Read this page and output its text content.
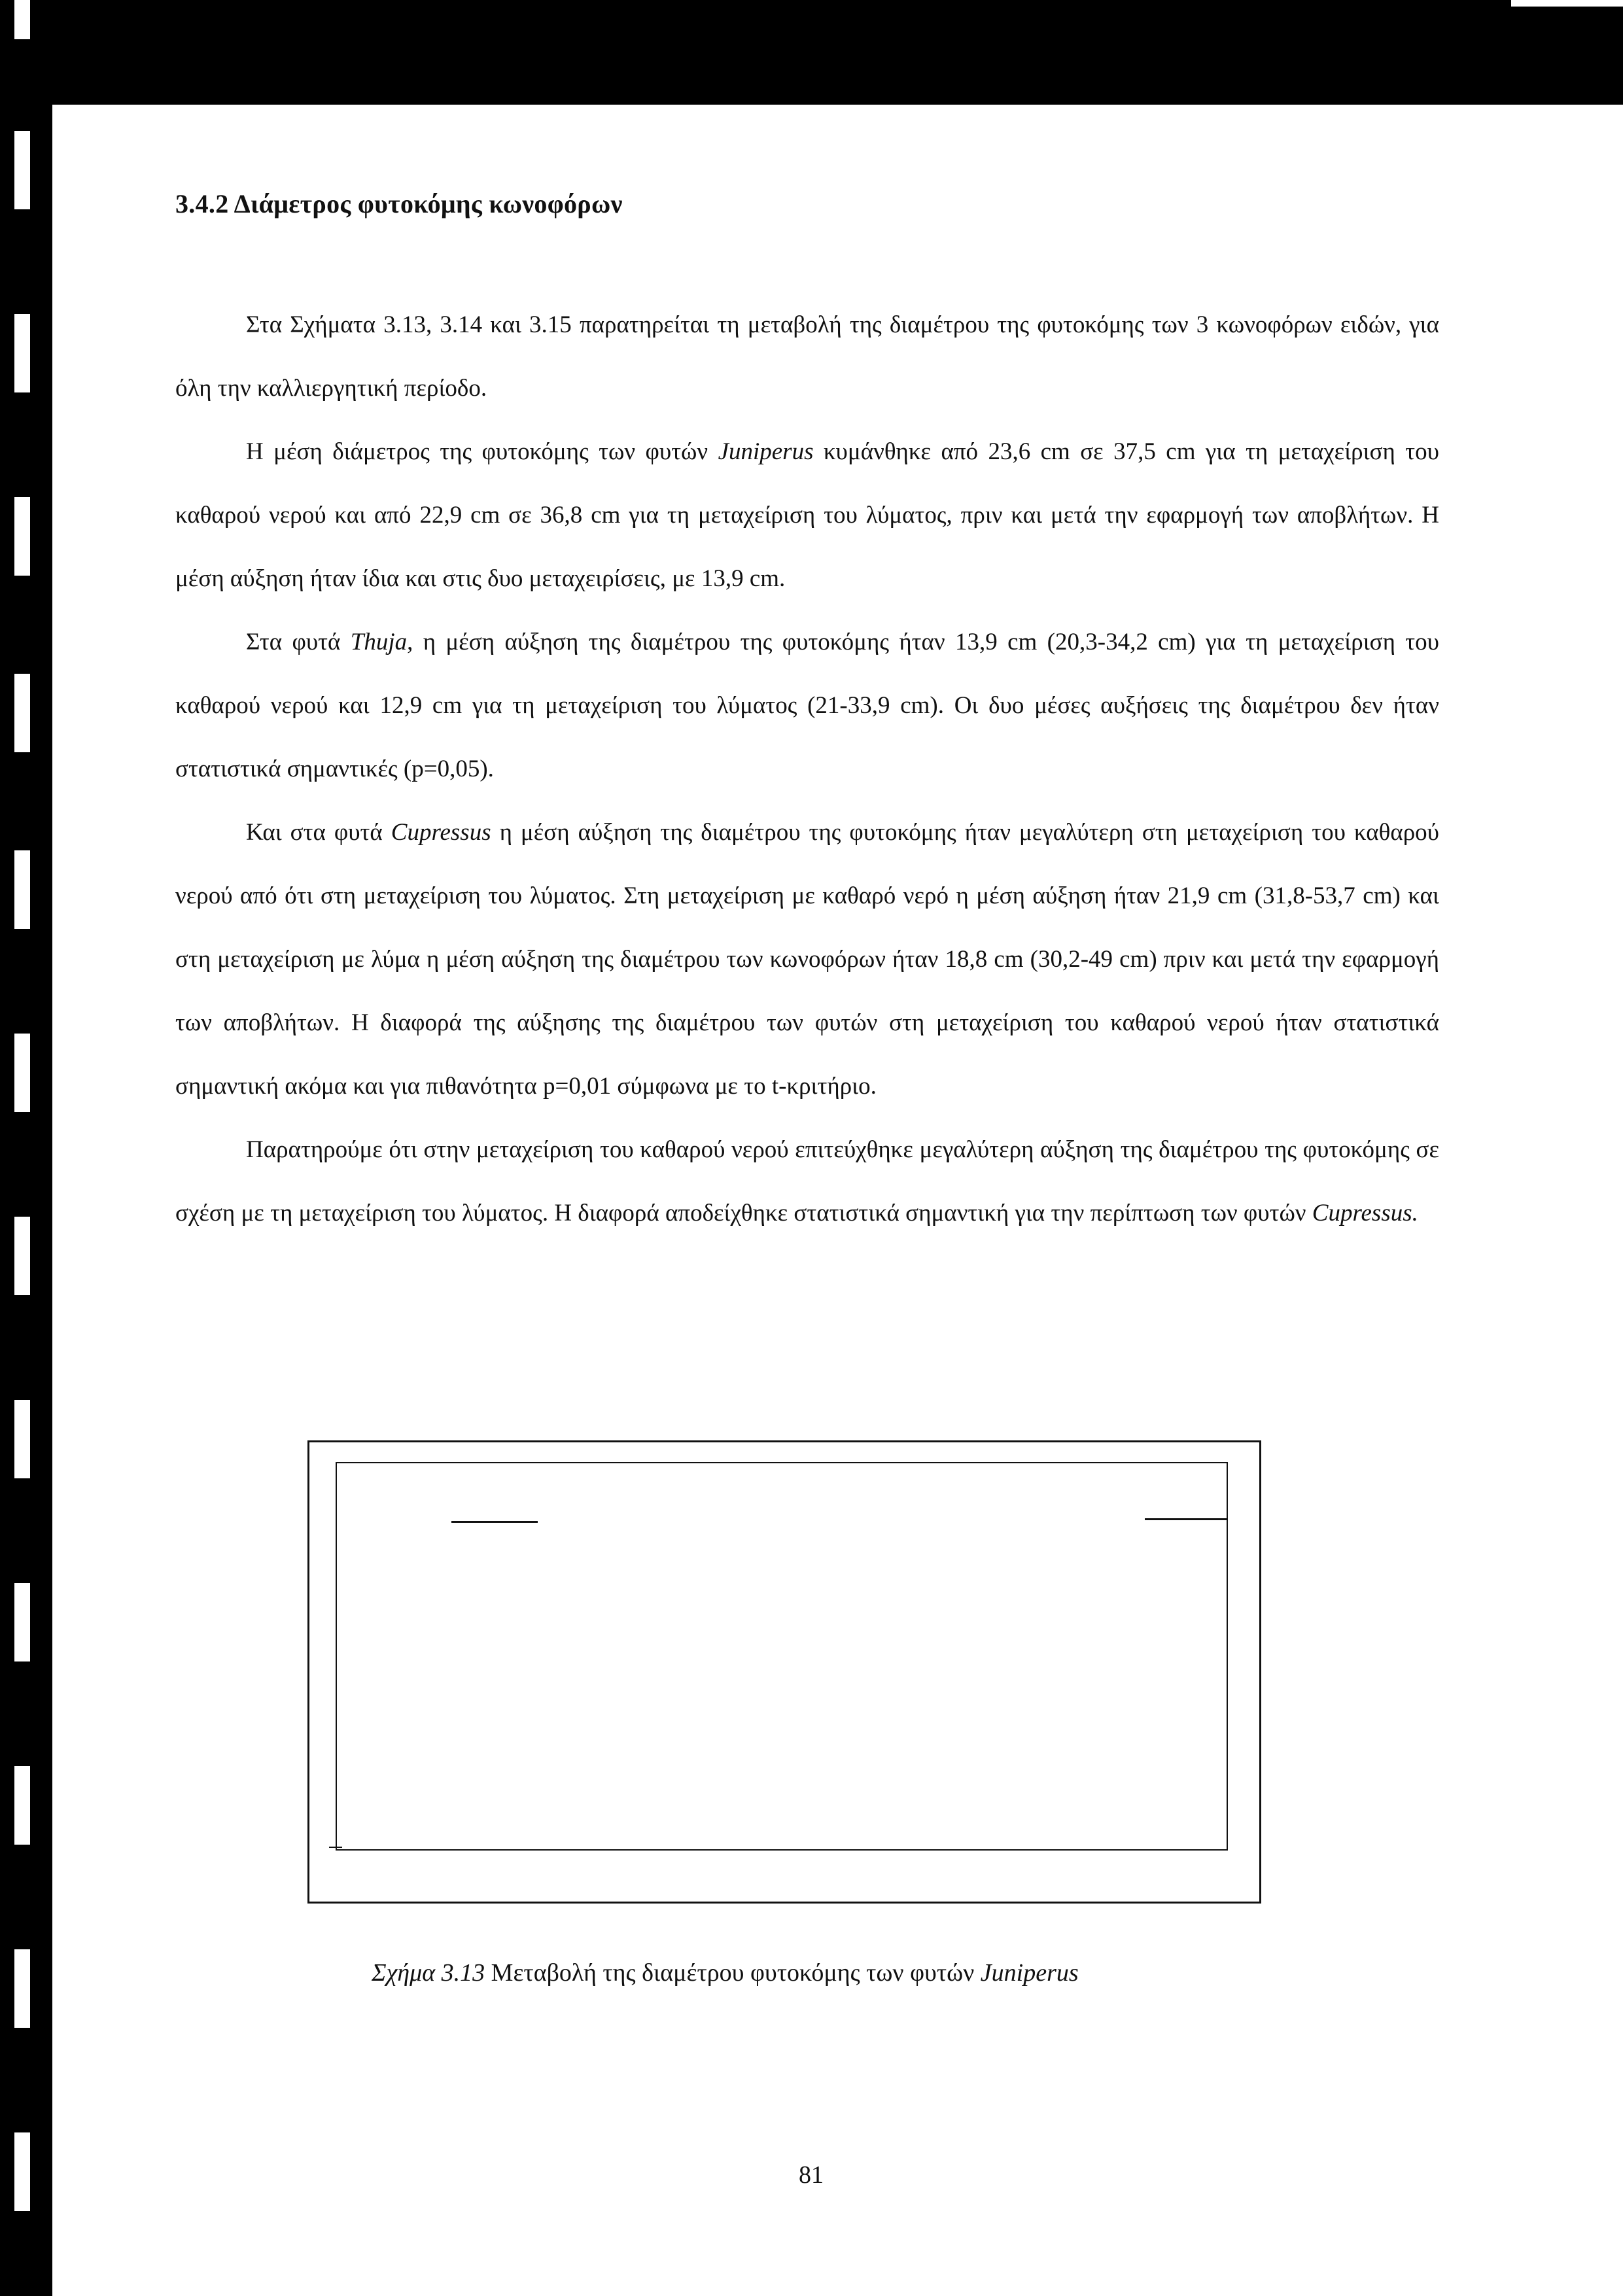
3.4.2 Διάμετρος φυτοκόμης κωνοφόρων

Στα Σχήματα 3.13, 3.14 και 3.15 παρατηρείται τη μεταβολή της διαμέτρου της φυτοκόμης των 3 κωνοφόρων ειδών, για όλη την καλλιεργητική περίοδο.

Η μέση διάμετρος της φυτοκόμης των φυτών Juniperus κυμάνθηκε από 23,6 cm σε 37,5 cm για τη μεταχείριση του καθαρού νερού και από 22,9 cm σε 36,8 cm για τη μεταχείριση του λύματος, πριν και μετά την εφαρμογή των αποβλήτων. Η μέση αύξηση ήταν ίδια και στις δυο μεταχειρίσεις, με 13,9 cm.

Στα φυτά Thuja, η μέση αύξηση της διαμέτρου της φυτοκόμης ήταν 13,9 cm (20,3-34,2 cm) για τη μεταχείριση του καθαρού νερού και 12,9 cm για τη μεταχείριση του λύματος (21-33,9 cm). Οι δυο μέσες αυξήσεις της διαμέτρου δεν ήταν στατιστικά σημαντικές (p=0,05).

Και στα φυτά Cupressus η μέση αύξηση της διαμέτρου της φυτοκόμης ήταν μεγαλύτερη στη μεταχείριση του καθαρού νερού από ότι στη μεταχείριση του λύματος. Στη μεταχείριση με καθαρό νερό η μέση αύξηση ήταν 21,9 cm (31,8-53,7 cm) και στη μεταχείριση με λύμα η μέση αύξηση της διαμέτρου των κωνοφόρων ήταν 18,8 cm (30,2-49 cm) πριν και μετά την εφαρμογή των αποβλήτων. Η διαφορά της αύξησης της διαμέτρου των φυτών στη μεταχείριση του καθαρού νερού ήταν στατιστικά σημαντική ακόμα και για πιθανότητα p=0,01 σύμφωνα με το t-κριτήριο.

Παρατηρούμε ότι στην μεταχείριση του καθαρού νερού επιτεύχθηκε μεγαλύτερη αύξηση της διαμέτρου της φυτοκόμης σε σχέση με τη μεταχείριση του λύματος. Η διαφορά αποδείχθηκε στατιστικά σημαντική για την περίπτωση των φυτών Cupressus.

Σχήμα 3.13 Μεταβολή της διαμέτρου φυτοκόμης των φυτών Juniperus
81
